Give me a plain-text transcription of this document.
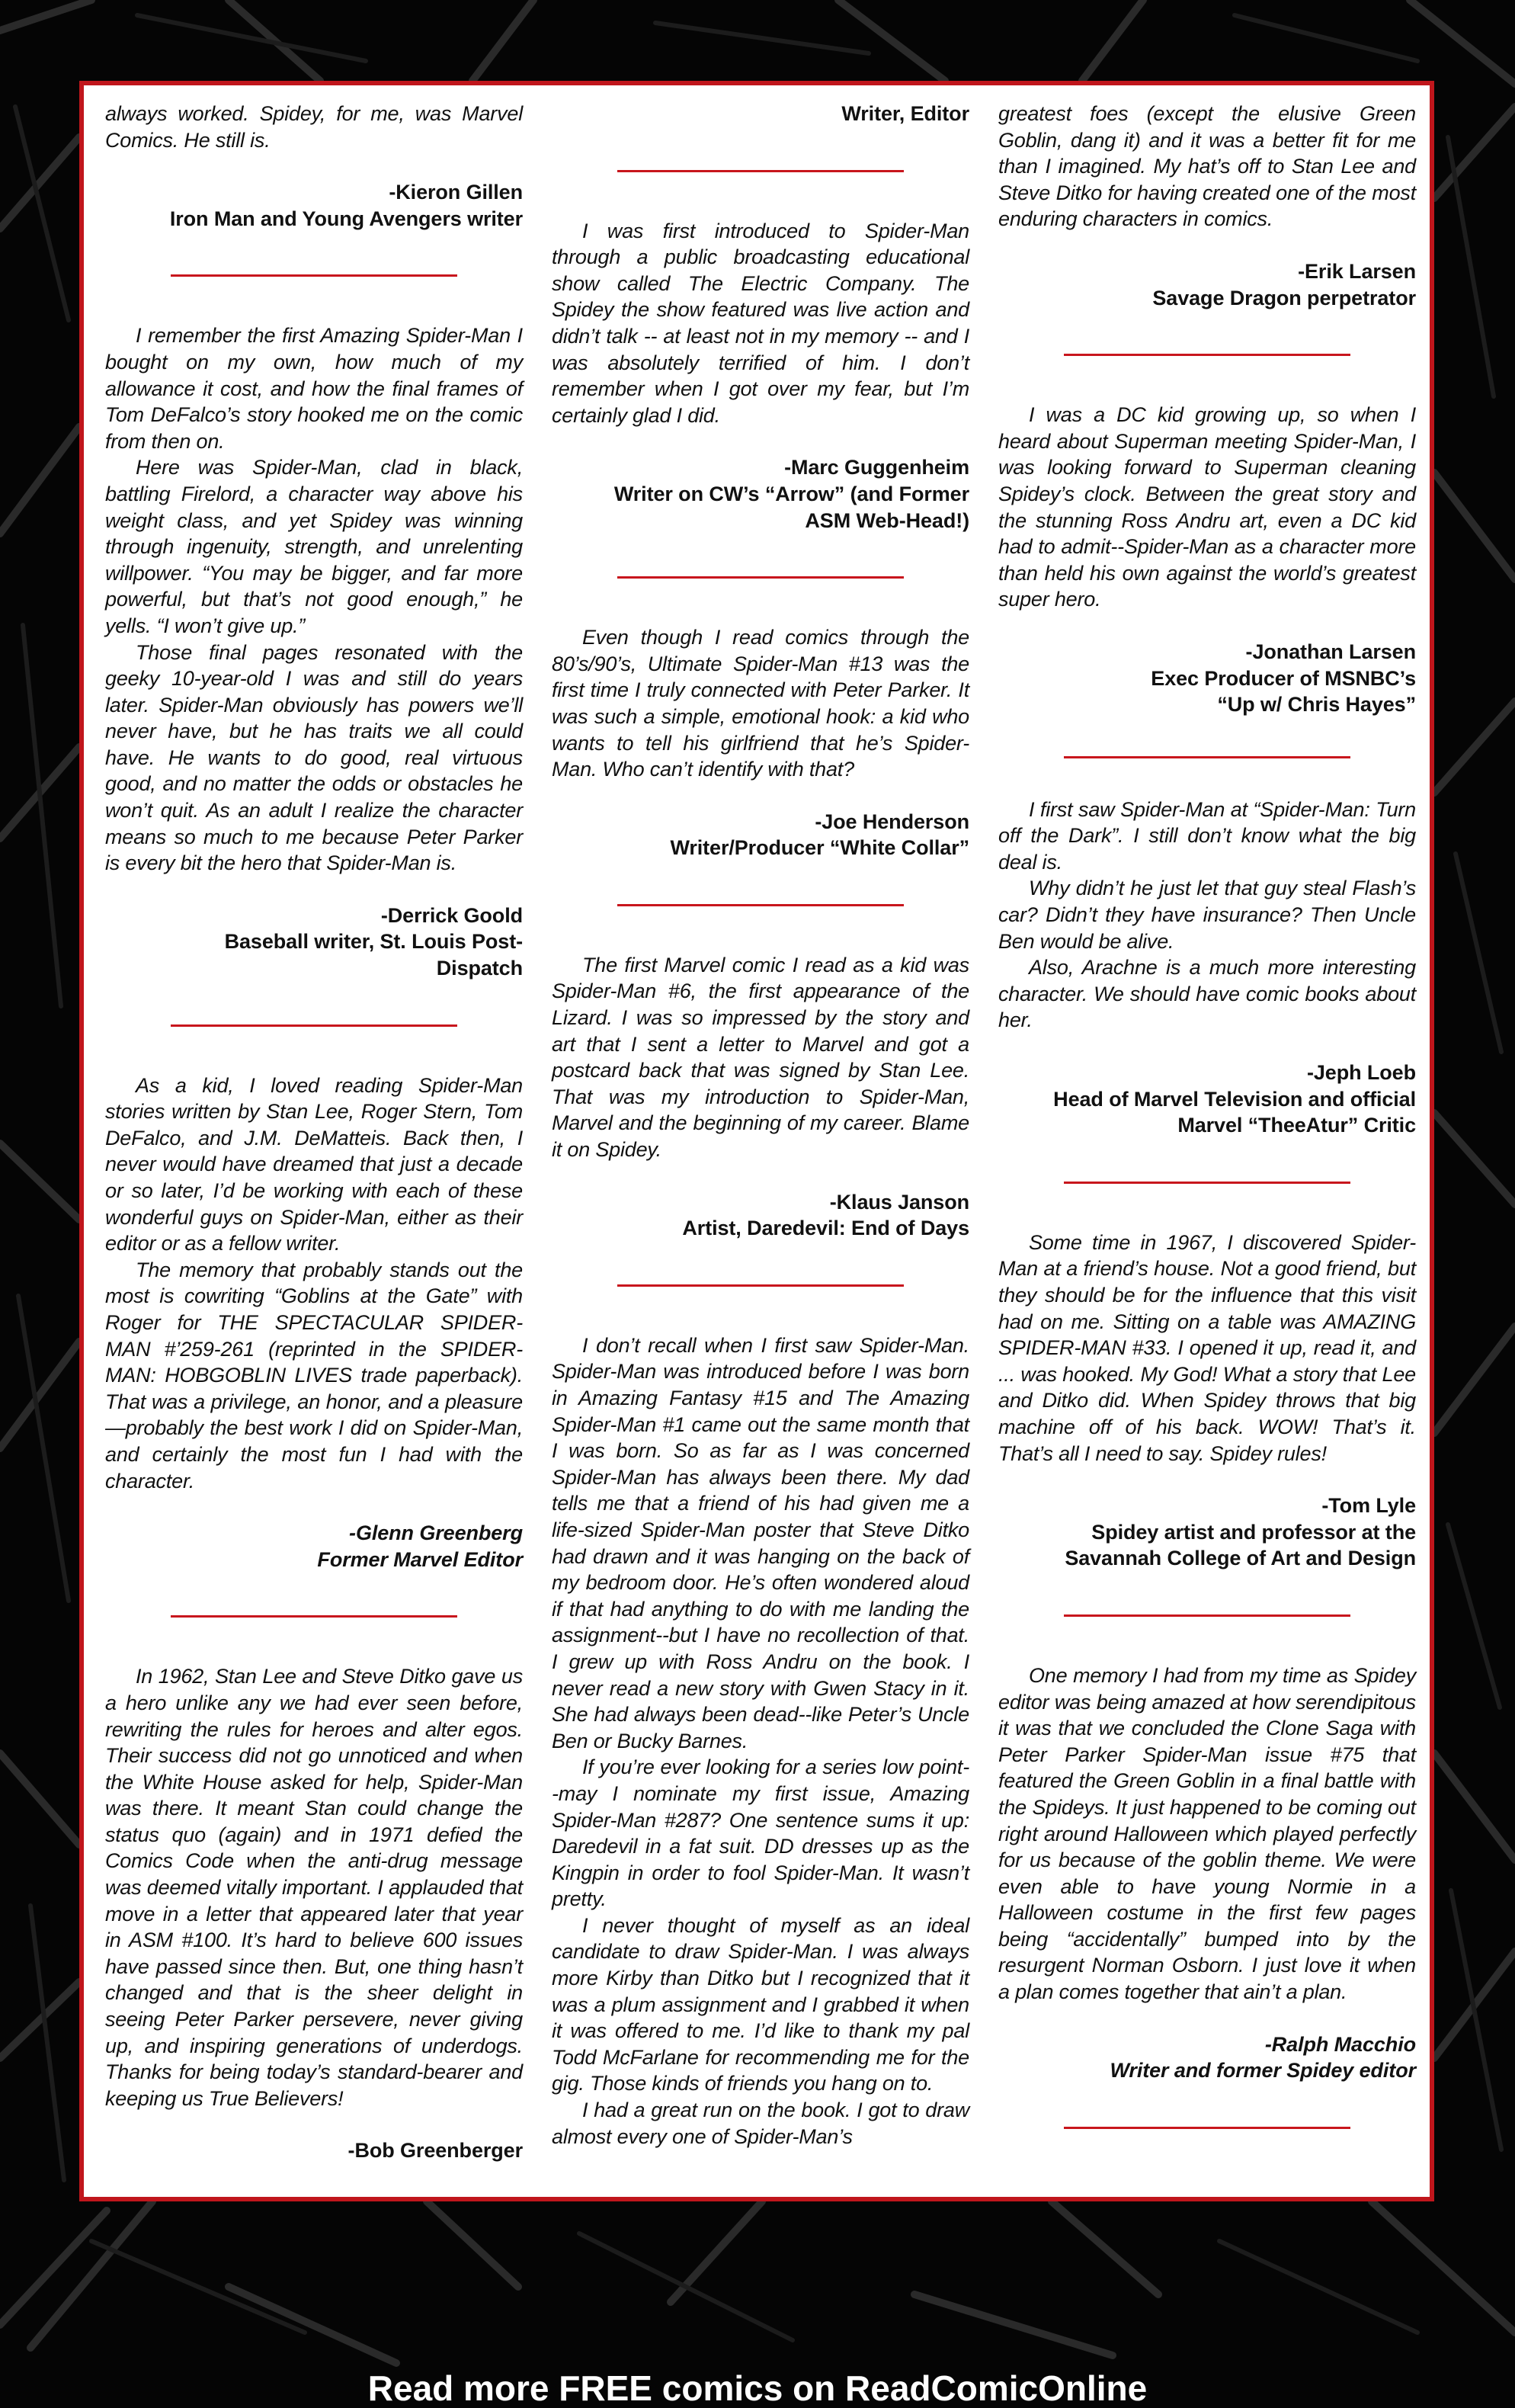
always worked. Spidey, for me, was Marvel Comics. He still is.

-Kieron Gillen
Iron Man and Young Avengers writer

I remember the first Amazing Spider-Man I bought on my own, how much of my allowance it cost, and how the final frames of Tom DeFalco’s story hooked me on the comic from then on.

Here was Spider-Man, clad in black, battling Firelord, a character way above his weight class, and yet Spidey was winning through ingenuity, strength, and unrelenting willpower. “You may be bigger, and far more powerful, but that’s not good enough,” he yells. “I won’t give up.”

Those final pages resonated with the geeky 10-year-old I was and still do years later. Spider-Man obviously has powers we’ll never have, but he has traits we all could have. He wants to do good, real virtuous good, and no matter the odds or obstacles he won’t quit. As an adult I realize the character means so much to me because Peter Parker is every bit the hero that Spider-Man is.

-Derrick Goold
Baseball writer, St. Louis Post-
Dispatch

As a kid, I loved reading Spider-Man stories written by Stan Lee, Roger Stern, Tom DeFalco, and J.M. DeMatteis. Back then, I never would have dreamed that just a decade or so later, I’d be working with each of these wonderful guys on Spider-Man, either as their editor or as a fellow writer.

The memory that probably stands out the most is cowriting “Goblins at the Gate” with Roger for THE SPECTACULAR SPIDER-MAN #’259-261 (reprinted in the SPIDER-MAN: HOBGOBLIN LIVES trade paperback). That was a privilege, an honor, and a pleasure—probably the best work I did on Spider-Man, and certainly the most fun I had with the character.

-Glenn Greenberg
Former Marvel Editor

In 1962, Stan Lee and Steve Ditko gave us a hero unlike any we had ever seen before, rewriting the rules for heroes and alter egos. Their success did not go unnoticed and when the White House asked for help, Spider-Man was there. It meant Stan could change the status quo (again) and in 1971 defied the Comics Code when the anti-drug message was deemed vitally important. I applauded that move in a letter that appeared later that year in ASM #100. It’s hard to believe 600 issues have passed since then. But, one thing hasn’t changed and that is the sheer delight in seeing Peter Parker persevere, never giving up, and inspiring generations of underdogs. Thanks for being today’s standard-bearer and keeping us True Believers!

-Bob Greenberger
Writer, Editor

I was first introduced to Spider-Man through a public broadcasting educational show called The Electric Company. The Spidey the show featured was live action and didn’t talk -- at least not in my memory -- and I was absolutely terrified of him. I don’t remember when I got over my fear, but I’m certainly glad I did.

-Marc Guggenheim
Writer on CW’s “Arrow” (and Former
ASM Web-Head!)

Even though I read comics through the 80’s/90’s, Ultimate Spider-Man #13 was the first time I truly connected with Peter Parker. It was such a simple, emotional hook: a kid who wants to tell his girlfriend that he’s Spider-Man. Who can’t identify with that?

-Joe Henderson
Writer/Producer “White Collar”

The first Marvel comic I read as a kid was Spider-Man #6, the first appearance of the Lizard. I was so impressed by the story and art that I sent a letter to Marvel and got a postcard back that was signed by Stan Lee. That was my introduction to Spider-Man, Marvel and the beginning of my career. Blame it on Spidey.

-Klaus Janson
Artist, Daredevil: End of Days

I don’t recall when I first saw Spider-Man. Spider-Man was introduced before I was born in Amazing Fantasy #15 and The Amazing Spider-Man #1 came out the same month that I was born. So as far as I was concerned Spider-Man has always been there. My dad tells me that a friend of his had given me a life-sized Spider-Man poster that Steve Ditko had drawn and it was hanging on the back of my bedroom door. He’s often wondered aloud if that had anything to do with me landing the assignment--but I have no recollection of that. I grew up with Ross Andru on the book. I never read a new story with Gwen Stacy in it. She had always been dead--like Peter’s Uncle Ben or Bucky Barnes.

If you’re ever looking for a series low point--may I nominate my first issue, Amazing Spider-Man #287? One sentence sums it up: Daredevil in a fat suit. DD dresses up as the Kingpin in order to fool Spider-Man. It wasn’t pretty.

I never thought of myself as an ideal candidate to draw Spider-Man. I was always more Kirby than Ditko but I recognized that it was a plum assignment and I grabbed it when it was offered to me. I’d like to thank my pal Todd McFarlane for recommending me for the gig. Those kinds of friends you hang on to.

I had a great run on the book. I got to draw almost every one of Spider-Man’s

greatest foes (except the elusive Green Goblin, dang it) and it was a better fit for me than I imagined. My hat’s off to Stan Lee and Steve Ditko for having created one of the most enduring characters in comics.

-Erik Larsen
Savage Dragon perpetrator

I was a DC kid growing up, so when I heard about Superman meeting Spider-Man, I was looking forward to Superman cleaning Spidey’s clock. Between the great story and the stunning Ross Andru art, even a DC kid had to admit--Spider-Man as a character more than held his own against the world’s greatest super hero.

-Jonathan Larsen
Exec Producer of MSNBC’s
“Up w/ Chris Hayes”

I first saw Spider-Man at “Spider-Man: Turn off the Dark”. I still don’t know what the big deal is.

Why didn’t he just let that guy steal Flash’s car? Didn’t they have insurance? Then Uncle Ben would be alive.

Also, Arachne is a much more interesting character. We should have comic books about her.

-Jeph Loeb
Head of Marvel Television and official
Marvel “TheeAtur” Critic

Some time in 1967, I discovered Spider-Man at a friend’s house. Not a good friend, but they should be for the influence that this visit had on me. Sitting on a table was AMAZING SPIDER-MAN #33. I opened it up, read it, and ... was hooked. My God! What a story that Lee and Ditko did. When Spidey throws that big machine off of his back. WOW! That’s it. That’s all I need to say. Spidey rules!

-Tom Lyle
Spidey artist and professor at the
Savannah College of Art and Design

One memory I had from my time as Spidey editor was being amazed at how serendipitous it was that we concluded the Clone Saga with Peter Parker Spider-Man issue #75 that featured the Green Goblin in a final battle with the Spideys. It just happened to be coming out right around Halloween which played perfectly for us because of the goblin theme. We were even able to have young Normie in a Halloween costume in the first few pages being “accidentally” bumped into by the resurgent Norman Osborn. I just love it when a plan comes together that ain’t a plan.

-Ralph Macchio
Writer and former Spidey editor
Read more FREE comics on ReadComicOnline
